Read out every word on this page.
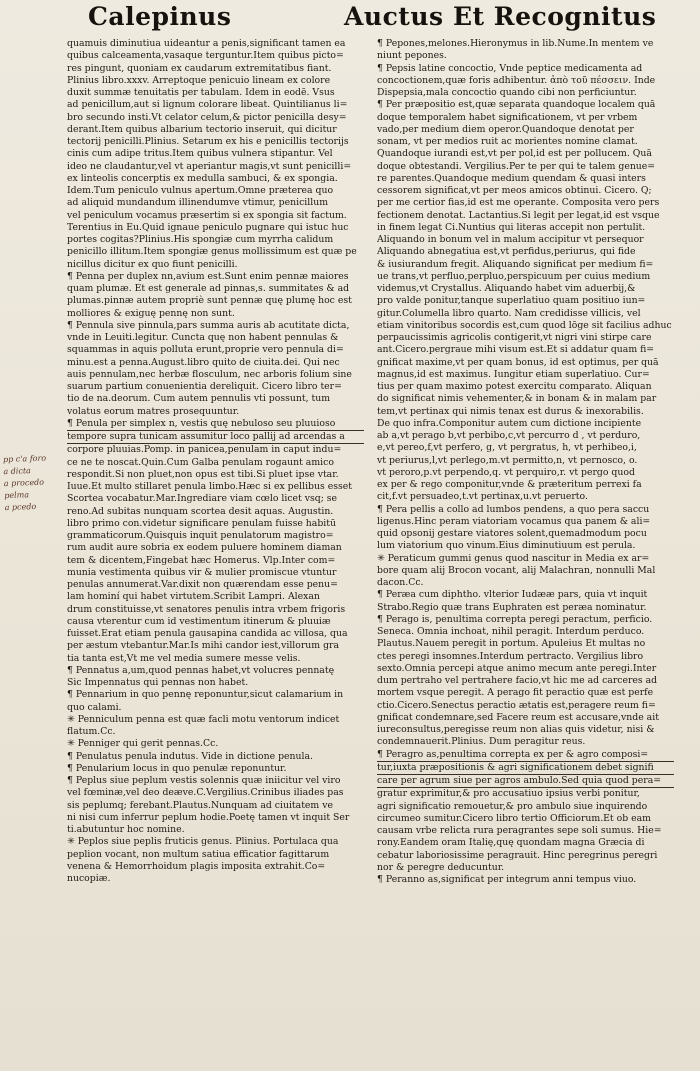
Calepinus	Auctus Et Recognitus
pp c'a foro
a dicta
a procedo
pelma
a pcedo
quamuis diminutiua uideantur a penis,significant tamen ea
quibus calceamenta,vasaque terguntur.Item quibus picto=
res pingunt, quoniam ex caudarum extremitatibus fiant.
Plinius libro.xxxv. Arreptoque penicuio lineam ex colore
duxit summæ tenuitatis per tabulam. Idem in eodē. Vsus
ad penicillum,aut si lignum colorare libeat. Quintilianus li=
bro secundo insti.Vt celator celum,& pictor penicilla desy=
derant.Item quibus albarium tectorio inseruit, qui dicitur
tectorij penicilli.Plinius. Setarum ex his e penicillis tectorijs
cinis cum adipe tritus.Item quibus vulnera stipantur. Vel
ideo ne claudantur,vel vt aperiantur magis,vt sunt penicilli=
ex linteolis concerptis ex medulla sambuci, & ex spongia.
Idem.Tum peniculo vulnus apertum.Omne præterea quo
ad aliquid mundandum illinendumve vtimur, penicillum
vel peniculum vocamus præsertim si ex spongia sit factum.
Terentius in Eu.Quid ignaue peniculo pugnare qui istuc huc
portes cogitas?Plinius.His spongiæ cum myrrha calidum
penicillo illitum.Item spongiæ genus mollissimum est quæ pe
nicillus dicitur ex quo fiunt penicilli.
¶ Penna per duplex nn,avium est.Sunt enim pennæ maiores
quam plumæ. Et est generale ad pinnas,s. summitates & ad
plumas.pinnæ autem propriè sunt pennæ quę plumę hoc est
molliores & exiguę pennę non sunt.
¶ Pennula sive pinnula,pars summa auris ab acutitate dicta,
vnde in Leuiti.legitur. Cuncta quę non habent pennulas &
squammas in aquis polluta erunt,proprie vero pennula di=
minu.est a penna.August.libro quito de ciuita.dei. Qui nec
auis pennulam,nec herbæ flosculum, nec arboris folium sine
suarum partium conuenientia dereliquit. Cicero libro ter=
tio de na.deorum. Cum autem pennulis vti possunt, tum
volatus eorum matres prosequuntur.
¶ Penula per simplex n, vestis quę nebuloso seu pluuioso
tempore supra tunicam assumitur loco pallij ad arcendas a
corpore pluuias.Pomp. in panicea,penulam in caput indu=
ce ne te noscat.Quin.Cum Galba penulam rogaunt amico
respondit.Si non pluet,non opus est tibi.Si pluet ipse vtar.
Iuue.Et multo stillaret penula limbo.Hæc si ex pellibus esset
Scortea vocabatur.Mar.Ingrediare viam cœlo licet vsq; se
reno.Ad subitas nunquam scortea desit aquas. Augustin.
libro primo con.videtur significare penulam fuisse habitū
grammaticorum.Quisquis inquit penulatorum magistro=
rum audit aure sobria ex eodem puluere hominem diaman
tem & dicentem,Fingebat hæc Homerus. Vlp.Inter com=
munia vestimenta quibus vir & mulier promiscue vtuntur
penulas annumerat.Var.dixit non quærendam esse penu=
lam hominí qui habet virtutem.Scribit Lampri. Alexan
drum constituisse,vt senatores penulis intra vrbem frigoris
causa vterentur cum id vestimentum itinerum & pluuiæ
fuisset.Erat etiam penula gausapina candida ac villosa, qua
per æstum vtebantur.Mar.Is mihi candor iest,villorum gra
tia tanta est,Vt me vel media sumere messe velis.
¶ Pennatus a,um,quod pennas habet,vt volucres pennatę
Sic Impennatus qui pennas non habet.
¶ Pennarium in quo pennę reponuntur,sicut calamarium in
quo calami.
✳ Penniculum penna est quæ facli motu ventorum indicet
flatum.Cc.
✳ Penniger qui gerit pennas.Cc.
¶ Penulatus penula indutus. Vide in dictione penula.
¶ Penularium locus in quo penulæ reponuntur.
¶ Peplus siue peplum vestis solennis quæ iniicitur vel viro
vel fœminæ,vel deo deæve.C.Vergilius.Crinibus iliades pas
sis peplumq; ferebant.Plautus.Nunquam ad ciuitatem ve
ni nisi cum inferrur peplum hodie.Poetę tamen vt inquit Ser
ti.abutuntur hoc nomine.
✳ Peplos siue peplis fruticis genus. Plinius. Portulaca qua
peplion vocant, non multum satiua efficatior fagittarum
venena & Hemorrhoidum plagis imposita extrahit.Co=
nucopiæ.
¶ Pepones,melones.Hieronymus in lib.Nume.In mentem ve
niunt pepones.
¶ Pepsis latine concoctio, Vnde peptice medicamenta ad
concoctionem,quæ foris adhibentur. ἀπὸ τοῦ πέσσειν. Inde
Dispepsia,mala concoctio quando cibi non perficiuntur.
¶ Per præpositio est,quæ separata quandoque localem quā
doque temporalem habet significationem, vt per vrbem
vado,per medium diem operor.Quandoque denotat per
sonam, vt per medios ruit ac morientes nomine clamat.
Quandoque iurandi est,vt per pol,id est per pollucem. Quā
doque obtestandi. Vergilius.Per te per qui te talem genue=
re parentes.Quandoque medium quendam & quasi inters
cessorem significat,vt per meos amicos obtinui. Cicero. Q;
per me certior fias,id est me operante. Composita vero pers
fectionem denotat. Lactantius.Si legit per legat,id est vsque
in finem legat Ci.Nuntius qui literas accepit non pertulit.
Aliquando in bonum vel in malum accipitur vt persequor
Aliquando abnegatiua est,vt perfidus,periurus, qui fide
& iusiurandum fregit. Aliquando significat per medium fi=
ue trans,vt perfluo,perpluo,perspicuum per cuius medium
videmus,vt Crystallus. Aliquando habet vim aduerbij,&
pro valde ponitur,tanque superlatiuo quam positiuo iun=
gitur.Columella libro quarto. Nam credidisse villicis, vel
etiam vinitoribus socordis est,cum quod lōge sit facilius adhuc
perpaucissimis agricolis contigerit,vt nigri vini stirpe care
ant.Cicero.pergraue mihi visum est.Et si addatur quam fi=
gnificat maxime,vt per quam bonus, id est optimus, per quā
magnus,id est maximus. Iungitur etiam superlatiuo. Cur=
tius per quam maximo potest exercitu comparato. Aliquan
do significat nimis vehementer,& in bonam & in malam par
tem,vt pertinax qui nimis tenax est durus & inexorabilis.
De quo infra.Componitur autem cum dictione incipiente
ab a,vt perago b,vt perbibo,c,vt percurro d , vt perduro,
e,vt pereo,f,vt perfero, g, vt pergratus, h, vt perhibeo,i,
vt periurus,l,vt perlego,m.vt permitto,n, vt pernosco, o.
vt peroro,p.vt perpendo,q. vt perquiro,r. vt pergo quod
ex per & rego componitur,vnde & præteritum perrexi fa
cit,f.vt persuadeo,t.vt pertinax,u.vt peruerto.
¶ Pera pellis a collo ad lumbos pendens, a quo pera saccu
ligenus.Hinc peram viatoriam vocamus qua panem & ali=
quid opsonij gestare viatores solent,quemadmodum pocu
lum viatorium quo vinum.Eius diminutiuum est perula.
✳ Peraticum gummi genus quod nascitur in Media ex ar=
bore quam alij Brocon vocant, alij Malachran, nonnulli Mal
dacon.Cc.
¶ Peræa cum diphtho. vlterior Iudææ pars, quia vt inquit
Strabo.Regio quæ trans Euphraten est peræa nominatur.
¶ Perago is, penultima correpta peregi peractum, perficio.
Seneca. Omnia inchoat, nihil peragit. Interdum perduco.
Plautus.Nauem peregit in portum. Apuleius Et multas no
ctes peregi insomnes.Interdum pertracto. Vergilius libro
sexto.Omnia percepi atque animo mecum ante peregi.Inter
dum pertraho vel pertrahere facio,vt hic me ad carceres ad
mortem vsque peregit. A perago fit peractio quæ est perfe
ctio.Cicero.Senectus peractio ætatis est,peragere reum fi=
gnificat condemnare,sed Facere reum est accusare,vnde ait
iureconsultus,peregisse reum non alias quis videtur, nisi &
condemnauerit.Plinius. Dum peragitur reus.
¶ Peragro as,penultima correpta ex per & agro composi=
tur,iuxta præpositionis & agri significationem debet signifi
care per agrum siue per agros ambulo.Sed quia quod pera=
gratur exprimitur,& pro accusatiuo ipsius verbi ponitur,
agri significatio remouetur,& pro ambulo siue inquirendo
circumeo sumitur.Cicero libro tertio Officiorum.Et ob eam
causam vrbe relicta rura peragrantes sepe soli sumus. Hie=
rony.Eandem oram Italię,quę quondam magna Græcia di
cebatur laboriosissime peragrauit. Hinc peregrinus peregri
nor & peregre deducuntur.
¶ Peranno as,significat per integrum anni tempus viuo.
